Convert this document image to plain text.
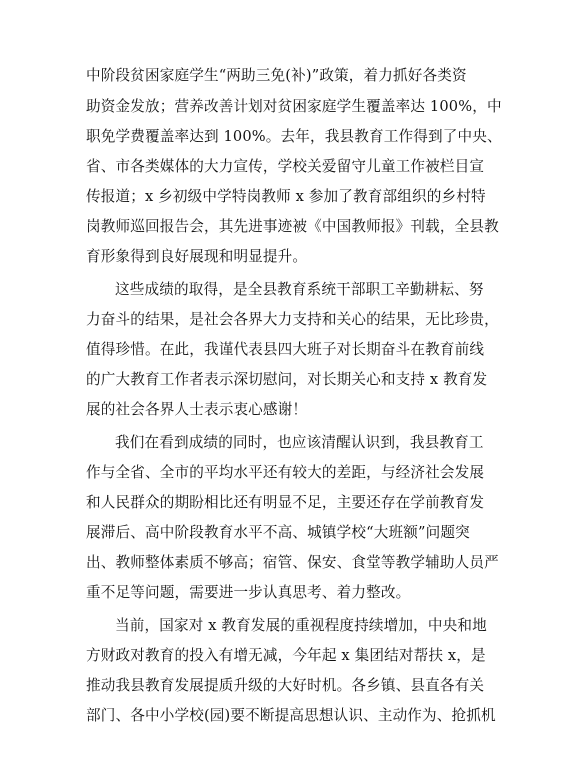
中阶段贫困家庭学生“两助三免(补)”政策，着力抓好各类资
助资金发放；营养改善计划对贫困家庭学生覆盖率达 100%，中
职免学费覆盖率达到 100%。去年，我县教育工作得到了中央、
省、市各类媒体的大力宣传，学校关爱留守儿童工作被栏目宣
传报道；x 乡初级中学特岗教师 x 参加了教育部组织的乡村特
岗教师巡回报告会，其先进事迹被《中国教师报》刊载，全县教
育形象得到良好展现和明显提升。
这些成绩的取得，是全县教育系统干部职工辛勤耕耘、努
力奋斗的结果，是社会各界大力支持和关心的结果，无比珍贵，
值得珍惜。在此，我谨代表县四大班子对长期奋斗在教育前线
的广大教育工作者表示深切慰问，对长期关心和支持 x 教育发
展的社会各界人士表示衷心感谢！
我们在看到成绩的同时，也应该清醒认识到，我县教育工
作与全省、全市的平均水平还有较大的差距，与经济社会发展
和人民群众的期盼相比还有明显不足，主要还存在学前教育发
展滞后、高中阶段教育水平不高、城镇学校“大班额”问题突
出、教师整体素质不够高；宿管、保安、食堂等教学辅助人员严
重不足等问题，需要进一步认真思考、着力整改。
当前，国家对 x 教育发展的重视程度持续增加，中央和地
方财政对教育的投入有增无减，今年起 x 集团结对帮扶 x，是
推动我县教育发展提质升级的大好时机。各乡镇、县直各有关
部门、各中小学校(园)要不断提高思想认识、主动作为、抢抓机
